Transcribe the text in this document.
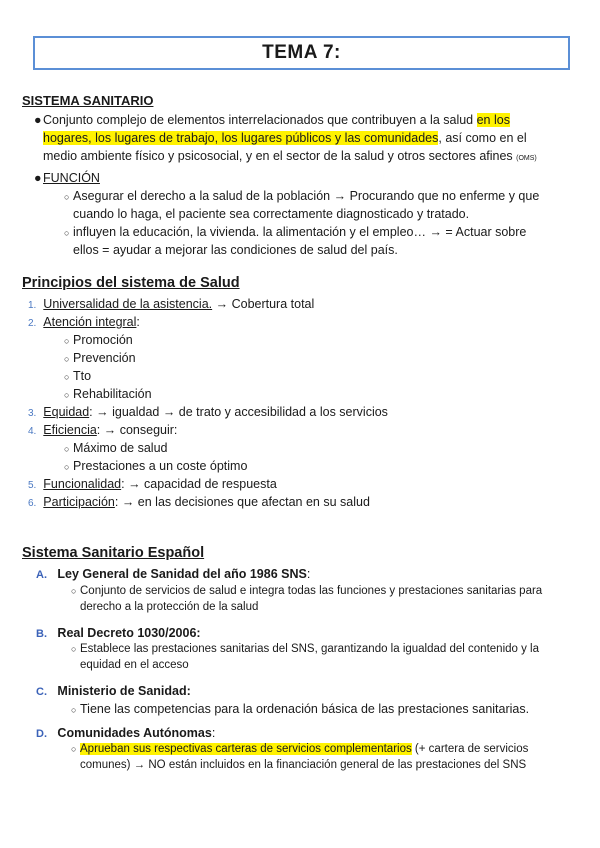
TEMA 7:
SISTEMA SANITARIO
●Conjunto complejo de elementos interrelacionados que contribuyen a la salud en los
hogares, los lugares de trabajo, los lugares públicos y las comunidades, así como en el
medio ambiente físico y psicosocial, y en el sector de la salud y otros sectores afines (OMS)
●FUNCIÓN
○ Asegurar el derecho a la salud de la población → Procurando que no enferme y que
cuando lo haga, el paciente sea correctamente diagnosticado y tratado.
○ influyen la educación, la vivienda. la alimentación y el empleo… → = Actuar sobre
ellos = ayudar a mejorar las condiciones de salud del país.
Principios del sistema de Salud
1. Universalidad de la asistencia. → Cobertura total
2. Atención integral:
○ Promoción
○ Prevención
○ Tto
○ Rehabilitación
3. Equidad: → igualdad → de trato y accesibilidad a los servicios
4. Eficiencia: → conseguir:
○ Máximo de salud
○ Prestaciones a un coste óptimo
5. Funcionalidad: → capacidad de respuesta
6. Participación: → en las decisiones que afectan en su salud
Sistema Sanitario Español
A. Ley General de Sanidad del año 1986 SNS:
○ Conjunto de servicios de salud e integra todas las funciones y prestaciones sanitarias para
derecho a la protección de la salud
B. Real Decreto 1030/2006:
○ Establece las prestaciones sanitarias del SNS, garantizando la igualdad del contenido y la
equidad en el acceso
C. Ministerio de Sanidad:
○ Tiene las competencias para la ordenación básica de las prestaciones sanitarias.
D. Comunidades Autónomas:
○ Aprueban sus respectivas carteras de servicios complementarios (+ cartera de servicios
comunes) → NO están incluidos en la financiación general de las prestaciones del SNS
